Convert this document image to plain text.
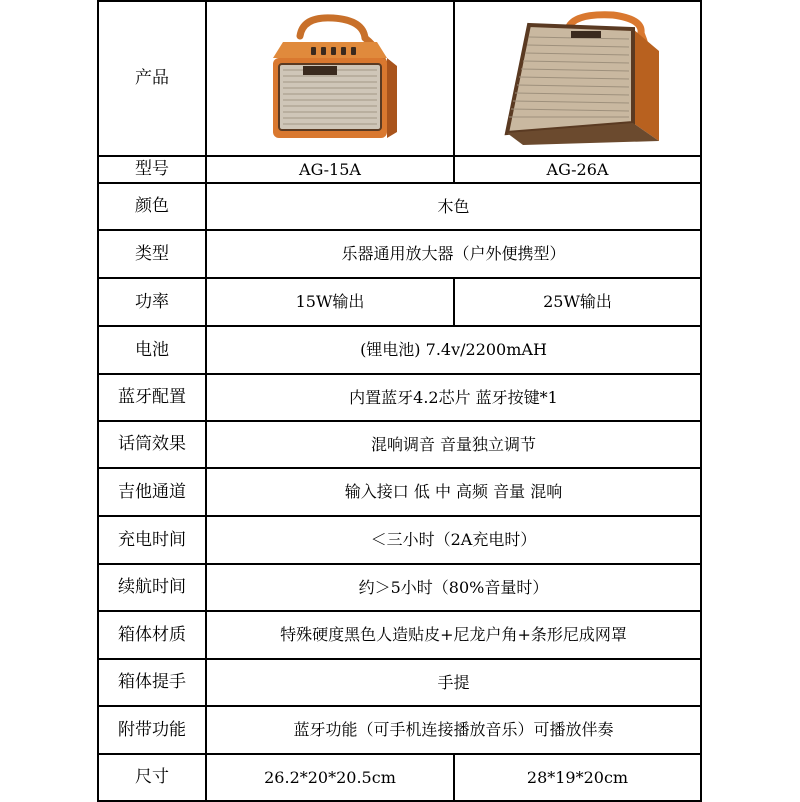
产品	

型号	AG-15A	AG-26A
颜色	木色	
类型	乐器通用放大器（户外便携型）	
功率	15W输出	25W输出
电池	(锂电池) 7.4v/2200mAH	
蓝牙配置	内置蓝牙4.2芯片 蓝牙按键*1	
话筒效果	混响调音 音量独立调节	
吉他通道	输入接口 低 中 高频 音量 混响	
充电时间	＜三小时（2A充电时）	
续航时间	约＞5小时（80%音量时）	
箱体材质	特殊硬度黑色人造贴皮+尼龙户角+条形尼成网罩	
箱体提手	手提	
附带功能	蓝牙功能（可手机连接播放音乐）可播放伴奏	
尺寸	26.2*20*20.5cm	28*19*20cm
